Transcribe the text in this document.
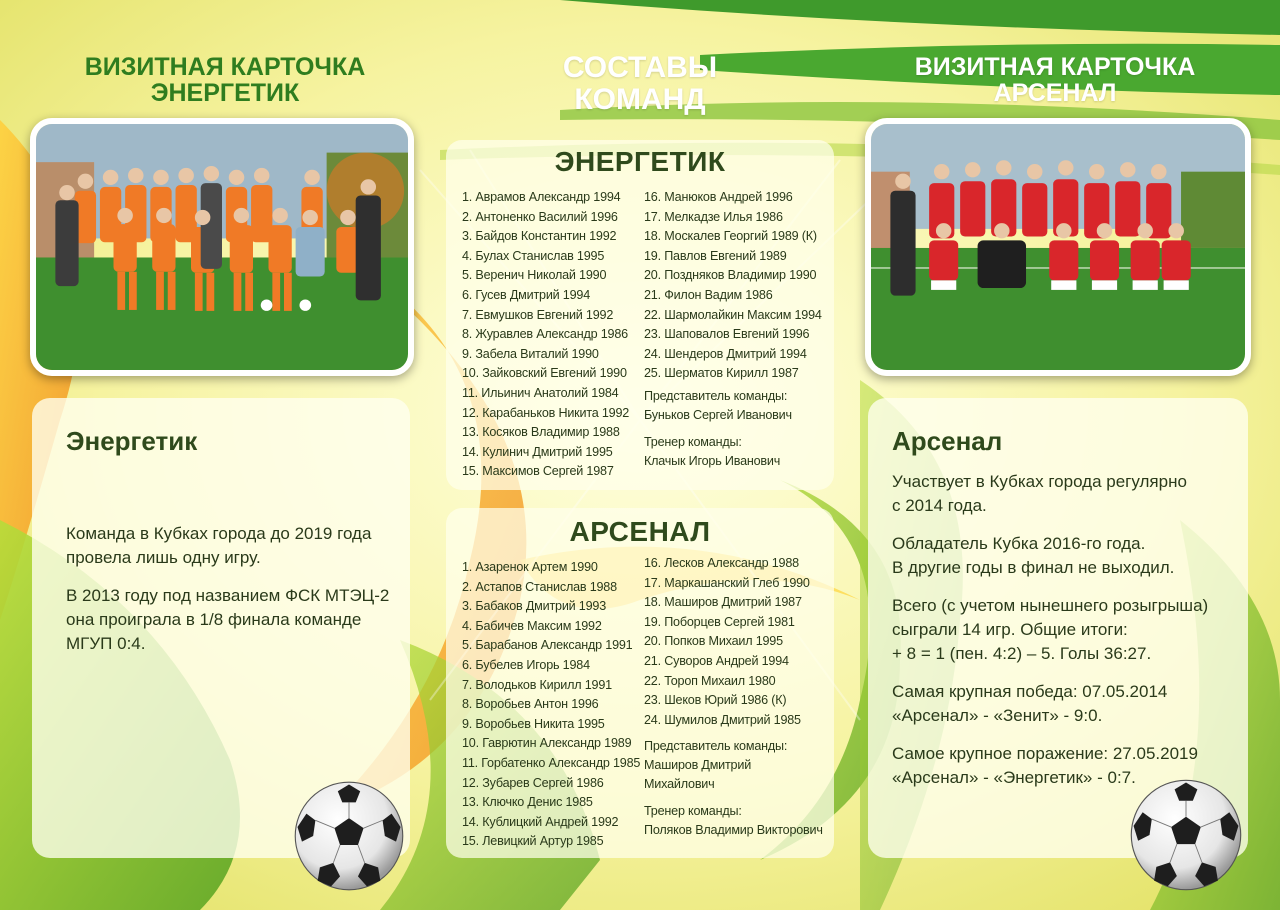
ВИЗИТНАЯ КАРТОЧКА
ЭНЕРГЕТИК
СОСТАВЫ
КОМАНД
ВИЗИТНАЯ КАРТОЧКА
АРСЕНАЛ
Энергетик

Команда в Кубках города до 2019 года провела лишь одну игру.

В 2013 году под названием ФСК МТЭЦ-2 она проиграла в 1/8 финала команде МГУП 0:4.

ЭНЕРГЕТИК
1. Аврамов Александр 1994
2. Антоненко Василий 1996
3. Байдов Константин 1992
4. Булах Станислав 1995
5. Веренич Николай 1990
6. Гусев Дмитрий 1994
7. Евмушков Евгений 1992
8. Журавлев Александр 1986
9. Забела Виталий 1990
10. Зайковский Евгений 1990
11. Ильинич Анатолий 1984
12. Карабаньков Никита 1992
13. Косяков Владимир 1988
14. Кулинич Дмитрий 1995
15. Максимов Сергей 1987
16. Манюков Андрей 1996
17. Мелкадзе Илья 1986
18. Москалев Георгий 1989 (К)
19. Павлов Евгений 1989
20. Поздняков Владимир 1990
21. Филон Вадим 1986
22. Шармолайкин Максим 1994
23. Шаповалов Евгений 1996
24. Шендеров Дмитрий 1994
25. Шерматов Кирилл 1987
Представитель команды:
Буньков Сергей Иванович
Тренер команды:
Клачык Игорь Иванович
АРСЕНАЛ
1. Азаренок Артем 1990
2. Астапов Станислав 1988
3. Бабаков Дмитрий 1993
4. Бабичев Максим 1992
5. Барабанов Александр 1991
6. Бубелев Игорь 1984
7. Володьков Кирилл 1991
8. Воробьев Антон 1996
9. Воробьев Никита 1995
10. Гаврютин Александр 1989
11. Горбатенко Александр 1985
12. Зубарев Сергей 1986
13. Ключко Денис 1985
14. Кублицкий Андрей 1992
15. Левицкий Артур 1985
16. Лесков Александр 1988
17. Маркашанский Глеб 1990
18. Маширов Дмитрий 1987
19. Поборцев Сергей 1981
20. Попков Михаил 1995
21. Суворов Андрей 1994
22. Тороп Михаил 1980
23. Шеков Юрий 1986 (К)
24. Шумилов Дмитрий 1985
Представитель команды:
Маширов Дмитрий
Михайлович
Тренер команды:
Поляков Владимир Викторович
Арсенал

Участвует в Кубках города регулярно
с 2014 года.

Обладатель Кубка 2016-го года.
В другие годы в финал не выходил.

Всего (с учетом нынешнего розыгрыша)
сыграли 14 игр. Общие итоги:
+ 8 = 1 (пен. 4:2) – 5. Голы 36:27.

Самая крупная победа: 07.05.2014
«Арсенал» - «Зенит» - 9:0.

Самое крупное поражение: 27.05.2019
«Арсенал» - «Энергетик» - 0:7.
